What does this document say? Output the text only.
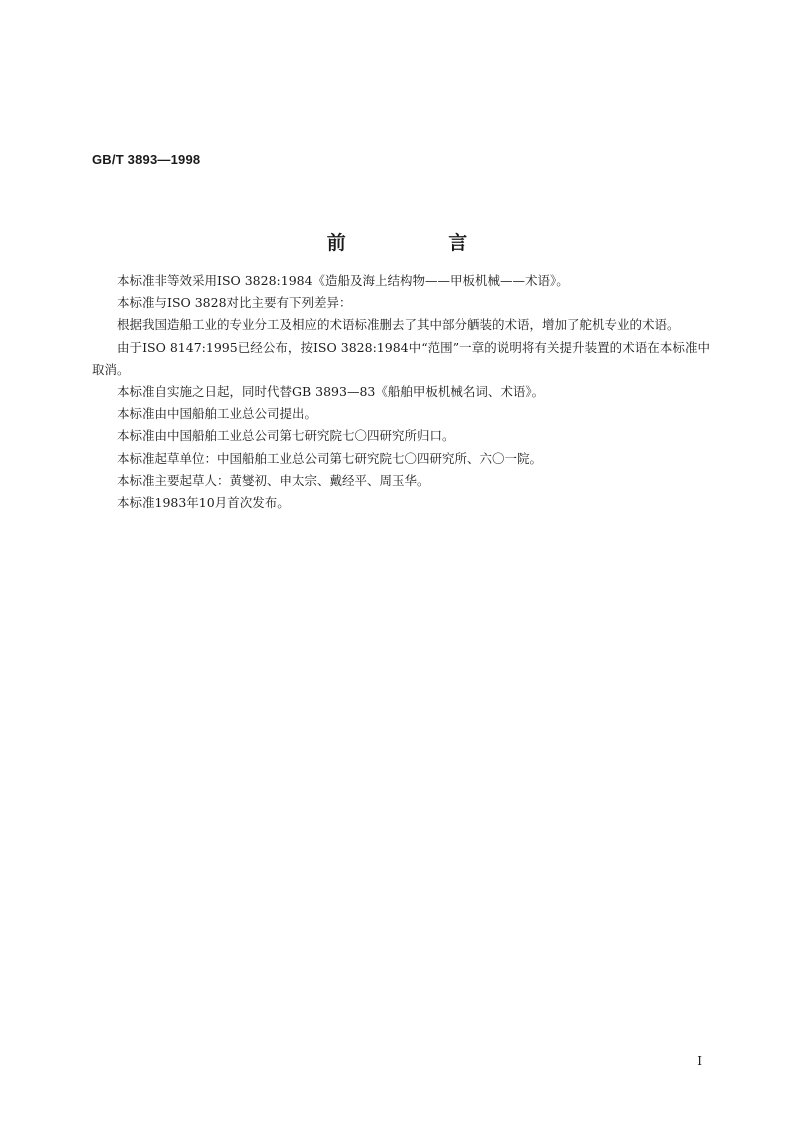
GB/T 3893—1998
前 言

本标准非等效采用ISO 3828:1984《造船及海上结构物——甲板机械——术语》。

本标准与ISO 3828对比主要有下列差异：

根据我国造船工业的专业分工及相应的术语标准删去了其中部分舾装的术语，增加了舵机专业的术语。

由于ISO 8147:1995已经公布，按ISO 3828:1984中“范围”一章的说明将有关提升装置的术语在本标准中取消。

本标准自实施之日起，同时代替GB 3893—83《船舶甲板机械名词、术语》。

本标准由中国船舶工业总公司提出。

本标准由中国船舶工业总公司第七研究院七〇四研究所归口。

本标准起草单位：中国船舶工业总公司第七研究院七〇四研究所、六〇一院。

本标准主要起草人：黄燮初、申太宗、戴经平、周玉华。

本标准1983年10月首次发布。

I
